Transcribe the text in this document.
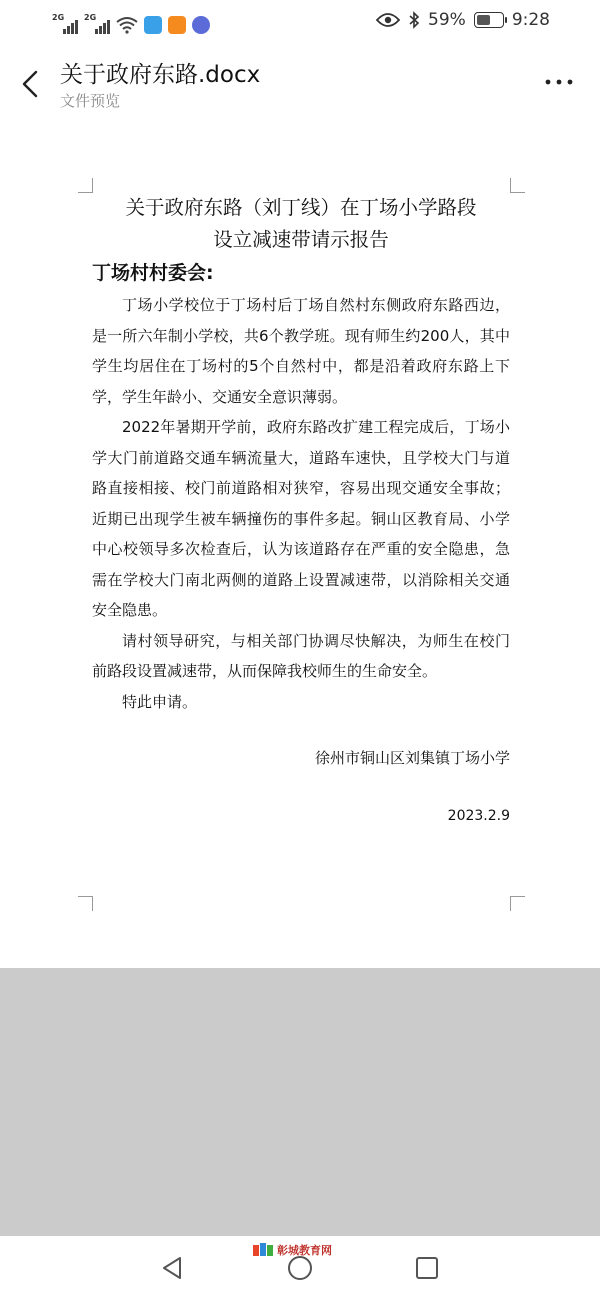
2G 2G	59%	9:28
关于政府东路.docx
文件预览
关于政府东路（刘丁线）在丁场小学路段
设立减速带请示报告
丁场村村委会:

丁场小学校位于丁场村后丁场自然村东侧政府东路西边，是一所六年制小学校，共6个教学班。现有师生约200人，其中学生均居住在丁场村的5个自然村中，都是沿着政府东路上下学，学生年龄小、交通安全意识薄弱。

2022年暑期开学前，政府东路改扩建工程完成后，丁场小学大门前道路交通车辆流量大，道路车速快，且学校大门与道路直接相接、校门前道路相对狭窄，容易出现交通安全事故；近期已出现学生被车辆撞伤的事件多起。铜山区教育局、小学中心校领导多次检查后，认为该道路存在严重的安全隐患，急需在学校大门南北两侧的道路上设置减速带，以消除相关交通安全隐患。

请村领导研究，与相关部门协调尽快解决，为师生在校门前路段设置减速带，从而保障我校师生的生命安全。

特此申请。

徐州市铜山区刘集镇丁场小学
2023.2.9
彰城教育网
